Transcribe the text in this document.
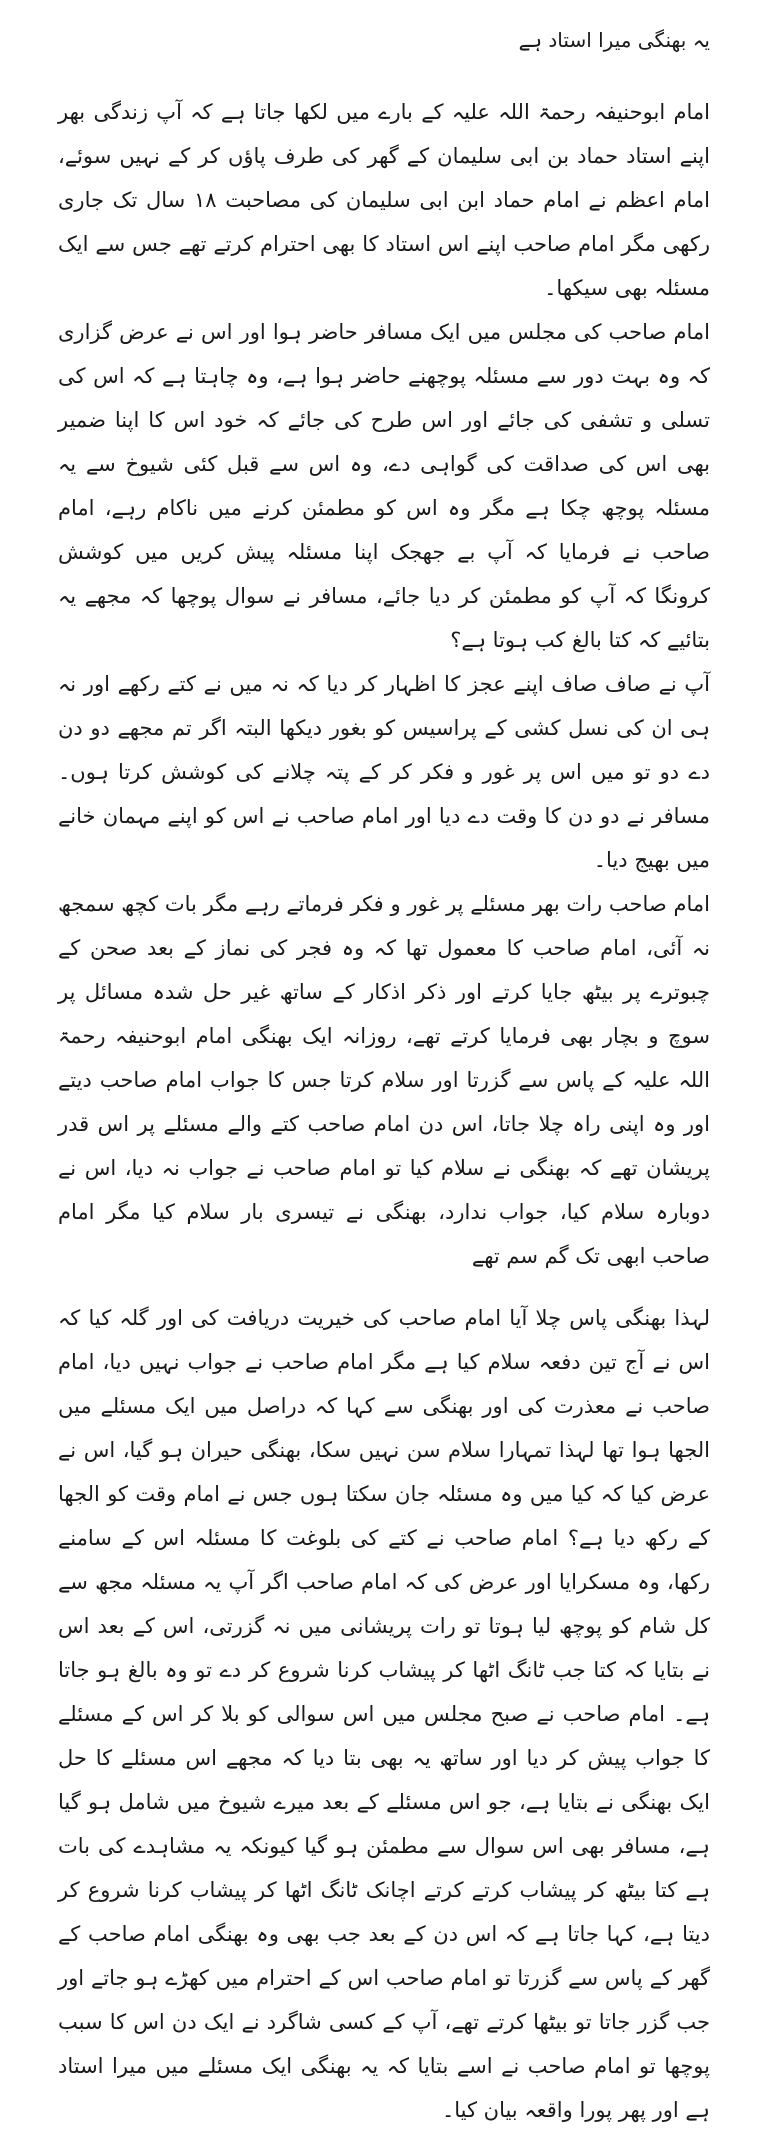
یہ بھنگی میرا استاد ہے

امام ابوحنیفہ رحمۃ اللہ علیہ کے بارے میں لکھا جاتا ہے کہ آپ زندگی بھر اپنے استاد حماد بن ابی سلیمان کے گھر کی طرف پاؤں کر کے نہیں سوئے، امام اعظم نے امام حماد ابن ابی سلیمان کی مصاحبت ١٨ سال تک جاری رکھی مگر امام صاحب اپنے اس استاد کا بھی احترام کرتے تھے جس سے ایک مسئلہ بھی سیکھا۔

امام صاحب کی مجلس میں ایک مسافر حاضر ہوا اور اس نے عرض گزاری کہ وہ بہت دور سے مسئلہ پوچھنے حاضر ہوا ہے، وہ چاہتا ہے کہ اس کی تسلی و تشفی کی جائے اور اس طرح کی جائے کہ خود اس کا اپنا ضمیر بھی اس کی صداقت کی گواہی دے، وہ اس سے قبل کئی شیوخ سے یہ مسئلہ پوچھ چکا ہے مگر وہ اس کو مطمئن کرنے میں ناکام رہے، امام صاحب نے فرمایا کہ آپ بے جھجک اپنا مسئلہ پیش کریں میں کوشش کرونگا کہ آپ کو مطمئن کر دیا جائے، مسافر نے سوال پوچھا کہ مجھے یہ بتائیے کہ کتا بالغ کب ہوتا ہے؟

آپ نے صاف صاف اپنے عجز کا اظہار کر دیا کہ نہ میں نے کتے رکھے اور نہ ہی ان کی نسل کشی کے پراسیس کو بغور دیکھا البتہ اگر تم مجھے دو دن دے دو تو میں اس پر غور و فکر کر کے پتہ چلانے کی کوشش کرتا ہوں۔ مسافر نے دو دن کا وقت دے دیا اور امام صاحب نے اس کو اپنے مہمان خانے میں بھیج دیا۔

امام صاحب رات بھر مسئلے پر غور و فکر فرماتے رہے مگر بات کچھ سمجھ نہ آئی، امام صاحب کا معمول تھا کہ وہ فجر کی نماز کے بعد صحن کے چبوترے پر بیٹھ جایا کرتے اور ذکر اذکار کے ساتھ غیر حل شدہ مسائل پر سوچ و بچار بھی فرمایا کرتے تھے، روزانہ ایک بھنگی امام ابوحنیفہ رحمۃ اللہ علیہ کے پاس سے گزرتا اور سلام کرتا جس کا جواب امام صاحب دیتے اور وہ اپنی راہ چلا جاتا، اس دن امام صاحب کتے والے مسئلے پر اس قدر پریشان تھے کہ بھنگی نے سلام کیا تو امام صاحب نے جواب نہ دیا، اس نے دوبارہ سلام کیا، جواب ندارد، بھنگی نے تیسری بار سلام کیا مگر امام صاحب ابھی تک گم سم تھے

لہذا بھنگی پاس چلا آیا امام صاحب کی خیریت دریافت کی اور گلہ کیا کہ اس نے آج تین دفعہ سلام کیا ہے مگر امام صاحب نے جواب نہیں دیا، امام صاحب نے معذرت کی اور بھنگی سے کہا کہ دراصل میں ایک مسئلے میں الجھا ہوا تھا لہذا تمہارا سلام سن نہیں سکا، بھنگی حیران ہو گیا، اس نے عرض کیا کہ کیا میں وہ مسئلہ جان سکتا ہوں جس نے امام وقت کو الجھا کے رکھ دیا ہے؟ امام صاحب نے کتے کی بلوغت کا مسئلہ اس کے سامنے رکھا، وہ مسکرایا اور عرض کی کہ امام صاحب اگر آپ یہ مسئلہ مجھ سے کل شام کو پوچھ لیا ہوتا تو رات پریشانی میں نہ گزرتی، اس کے بعد اس نے بتایا کہ کتا جب ٹانگ اٹھا کر پیشاب کرنا شروع کر دے تو وہ بالغ ہو جاتا ہے۔ امام صاحب نے صبح مجلس میں اس سوالی کو بلا کر اس کے مسئلے کا جواب پیش کر دیا اور ساتھ یہ بھی بتا دیا کہ مجھے اس مسئلے کا حل ایک بھنگی نے بتایا ہے، جو اس مسئلے کے بعد میرے شیوخ میں شامل ہو گیا ہے، مسافر بھی اس سوال سے مطمئن ہو گیا کیونکہ یہ مشاہدے کی بات ہے کتا بیٹھ کر پیشاب کرتے کرتے اچانک ٹانگ اٹھا کر پیشاب کرنا شروع کر دیتا ہے، کہا جاتا ہے کہ اس دن کے بعد جب بھی وہ بھنگی امام صاحب کے گھر کے پاس سے گزرتا تو امام صاحب اس کے احترام میں کھڑے ہو جاتے اور جب گزر جاتا تو بیٹھا کرتے تھے، آپ کے کسی شاگرد نے ایک دن اس کا سبب پوچھا تو امام صاحب نے اسے بتایا کہ یہ بھنگی ایک مسئلے میں میرا استاد ہے اور پھر پورا واقعہ بیان کیا۔
